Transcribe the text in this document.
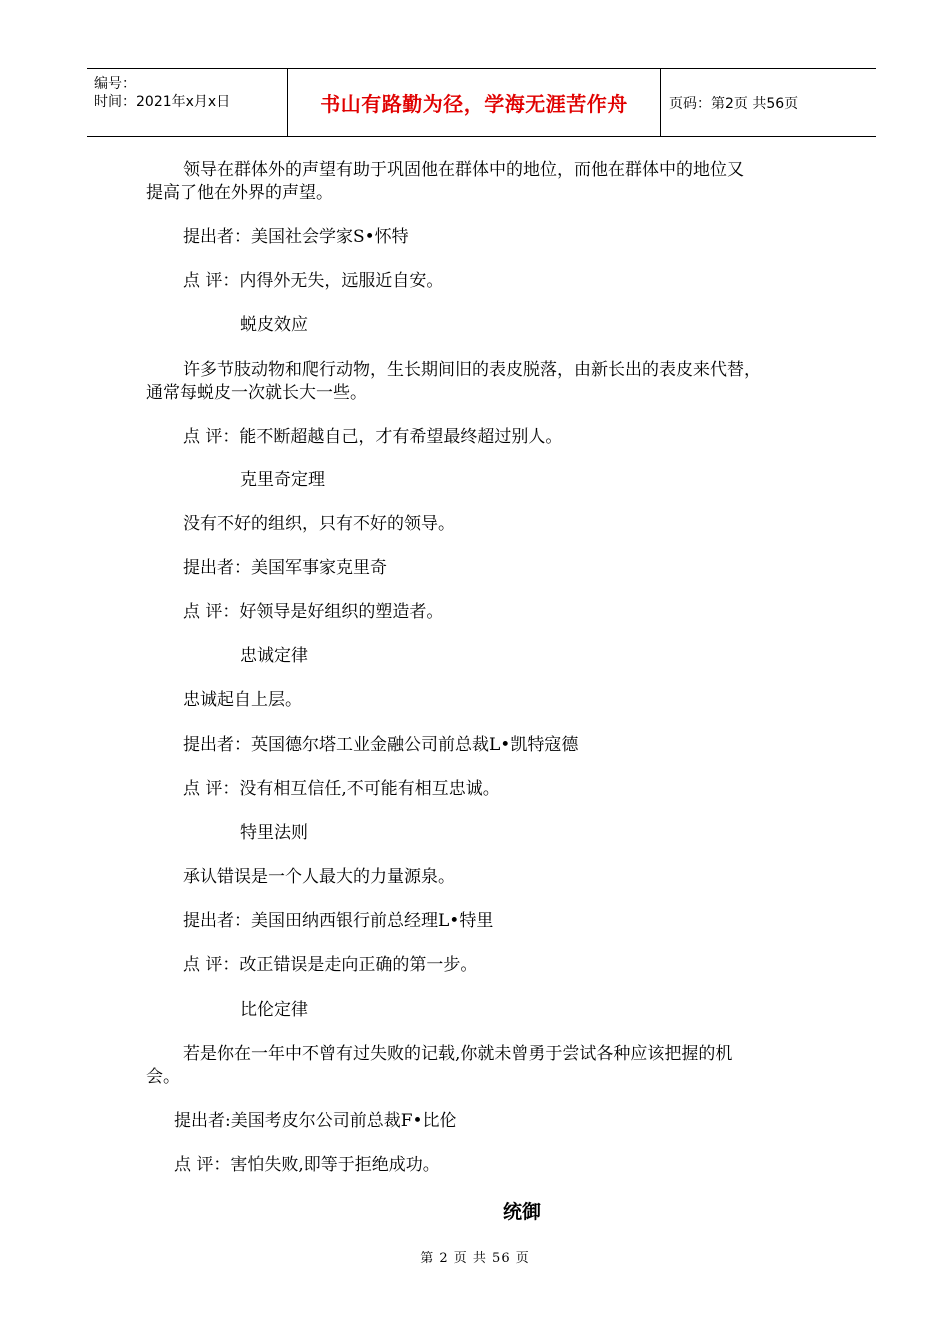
编号：
时间：2021年x月x日	书山有路勤为径，学海无涯苦作舟	页码：第2页 共56页
领导在群体外的声望有助于巩固他在群体中的地位，而他在群体中的地位又
提高了他在外界的声望。
提出者：美国社会学家S•怀特
点 评：内得外无失，远服近自安。
蜕皮效应
许多节肢动物和爬行动物，生长期间旧的表皮脱落，由新长出的表皮来代替，
通常每蜕皮一次就长大一些。
点 评：能不断超越自己，才有希望最终超过别人。
克里奇定理
没有不好的组织，只有不好的领导。
提出者：美国军事家克里奇
点 评：好领导是好组织的塑造者。
忠诚定律
忠诚起自上层。
提出者：英国德尔塔工业金融公司前总裁L•凯特寇德
点 评：没有相互信任,不可能有相互忠诚。
特里法则
承认错误是一个人最大的力量源泉。
提出者：美国田纳西银行前总经理L•特里
点 评：改正错误是走向正确的第一步。
比伦定律
若是你在一年中不曾有过失败的记载,你就未曾勇于尝试各种应该把握的机
会。
提出者:美国考皮尔公司前总裁F•比伦
点 评：害怕失败,即等于拒绝成功。
统御
第 2 页 共 56 页
